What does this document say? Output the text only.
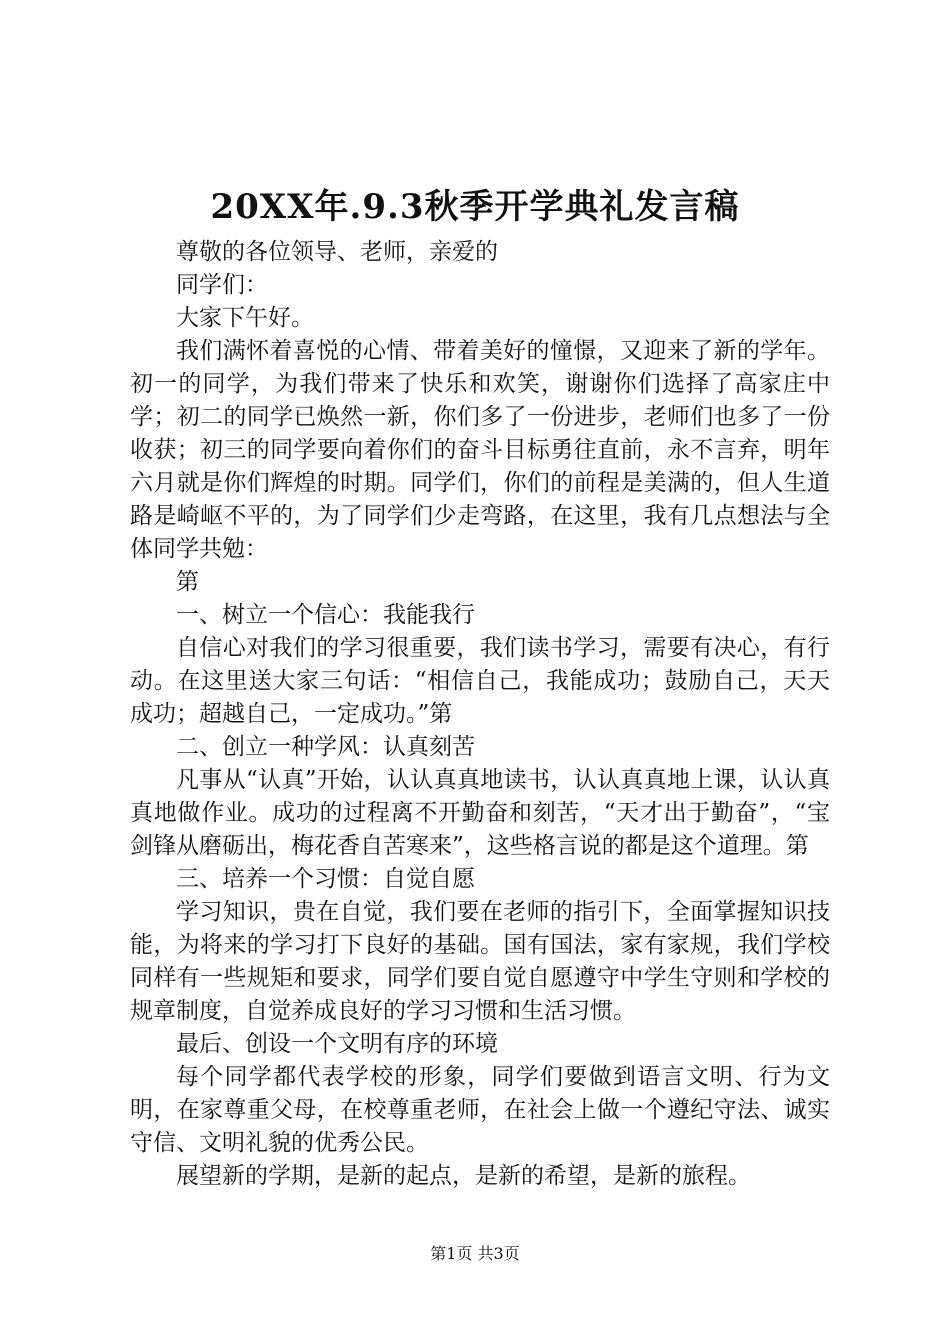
20XX年.9.3秋季开学典礼发言稿

尊敬的各位领导、老师，亲爱的

同学们：

大家下午好。

我们满怀着喜悦的心情、带着美好的憧憬，又迎来了新的学年。初一的同学，为我们带来了快乐和欢笑，谢谢你们选择了高家庄中学；初二的同学已焕然一新，你们多了一份进步，老师们也多了一份收获；初三的同学要向着你们的奋斗目标勇往直前，永不言弃，明年六月就是你们辉煌的时期。同学们，你们的前程是美满的，但人生道路是崎岖不平的，为了同学们少走弯路，在这里，我有几点想法与全体同学共勉：

第

一、树立一个信心：我能我行

自信心对我们的学习很重要，我们读书学习，需要有决心，有行动。在这里送大家三句话：“相信自己，我能成功；鼓励自己，天天成功；超越自己，一定成功。”第

二、创立一种学风：认真刻苦

凡事从“认真”开始，认认真真地读书，认认真真地上课，认认真真地做作业。成功的过程离不开勤奋和刻苦，“天才出于勤奋”，“宝剑锋从磨砺出，梅花香自苦寒来”，这些格言说的都是这个道理。第

三、培养一个习惯：自觉自愿

学习知识，贵在自觉，我们要在老师的指引下，全面掌握知识技能，为将来的学习打下良好的基础。国有国法，家有家规，我们学校同样有一些规矩和要求，同学们要自觉自愿遵守中学生守则和学校的规章制度，自觉养成良好的学习习惯和生活习惯。

最后、创设一个文明有序的环境

每个同学都代表学校的形象，同学们要做到语言文明、行为文明，在家尊重父母，在校尊重老师，在社会上做一个遵纪守法、诚实守信、文明礼貌的优秀公民。

展望新的学期，是新的起点，是新的希望，是新的旅程。

第1页 共3页
